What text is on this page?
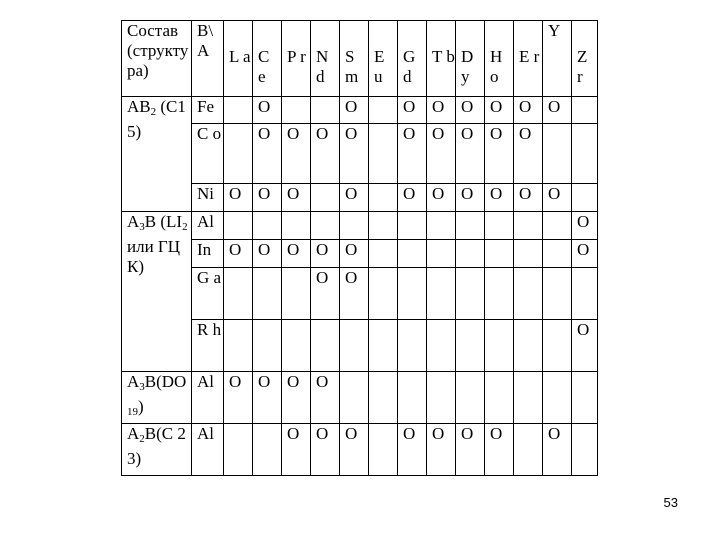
Состав (структура)	B\ A	L a	C e	P r	N d	S m	E u	G d	T b	D y	H o	E r	Y	Z r
$AB_2$ (C15)	Fe		O			O		O	O	O	O	O	O	
	C o		O	O	O	O		O	O	O	O	O		
	Ni	O	O	O		O		O	O	O	O	O	O	
$A_3B$ ($LI_2$ или ГЦК)	Al													O
	In	O	O	O	O	O								O
	G a				O	O								
	R h													O
$A_3B(DO_{19})$	Al	O	O	O	O									
$A_2B(C$ 23)	Al			O	O	O		O	O	O	O		O	
53
